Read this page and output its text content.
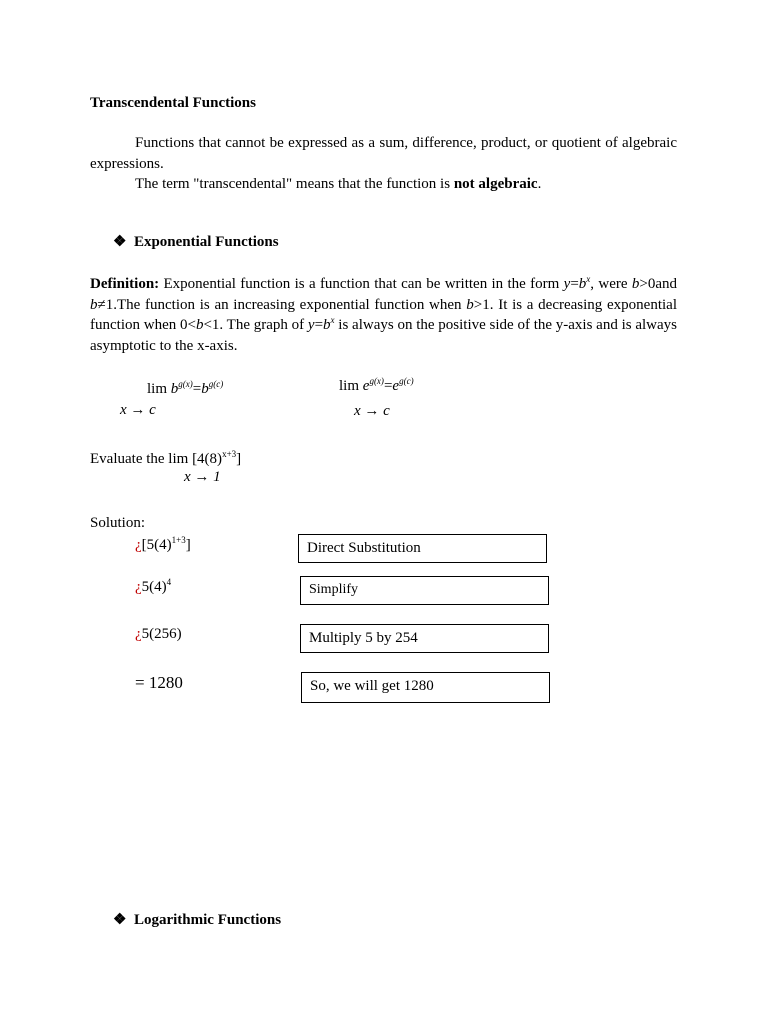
Transcendental Functions

Functions that cannot be expressed as a sum, difference, product, or quotient of algebraic expressions.

The term "transcendental" means that the function is not algebraic.

❖ Exponential Functions

Definition: Exponential function is a function that can be written in the form $y=b^x$, were b>0and b≠1.The function is an increasing exponential function when b>1. It is a decreasing exponential function when 0<b<1. The graph of $y=b^x$ is always on the positive side of the y-axis and is always asymptotic to the x-axis.

$\lim b^{g(x)}=b^{g(c)}$
x → c
$\lim e^{g(x)}=e^{g(c)}$
x → c
Evaluate the $\lim [4(8)^{x+3}]$
x → 1
Solution:
¿$[5(4)^{1+3}]$	Direct Substitution
¿$5(4)^4$	Simplify
¿5(256)	Multiply 5 by 254
= 1280	So, we will get 1280
❖ Logarithmic Functions
